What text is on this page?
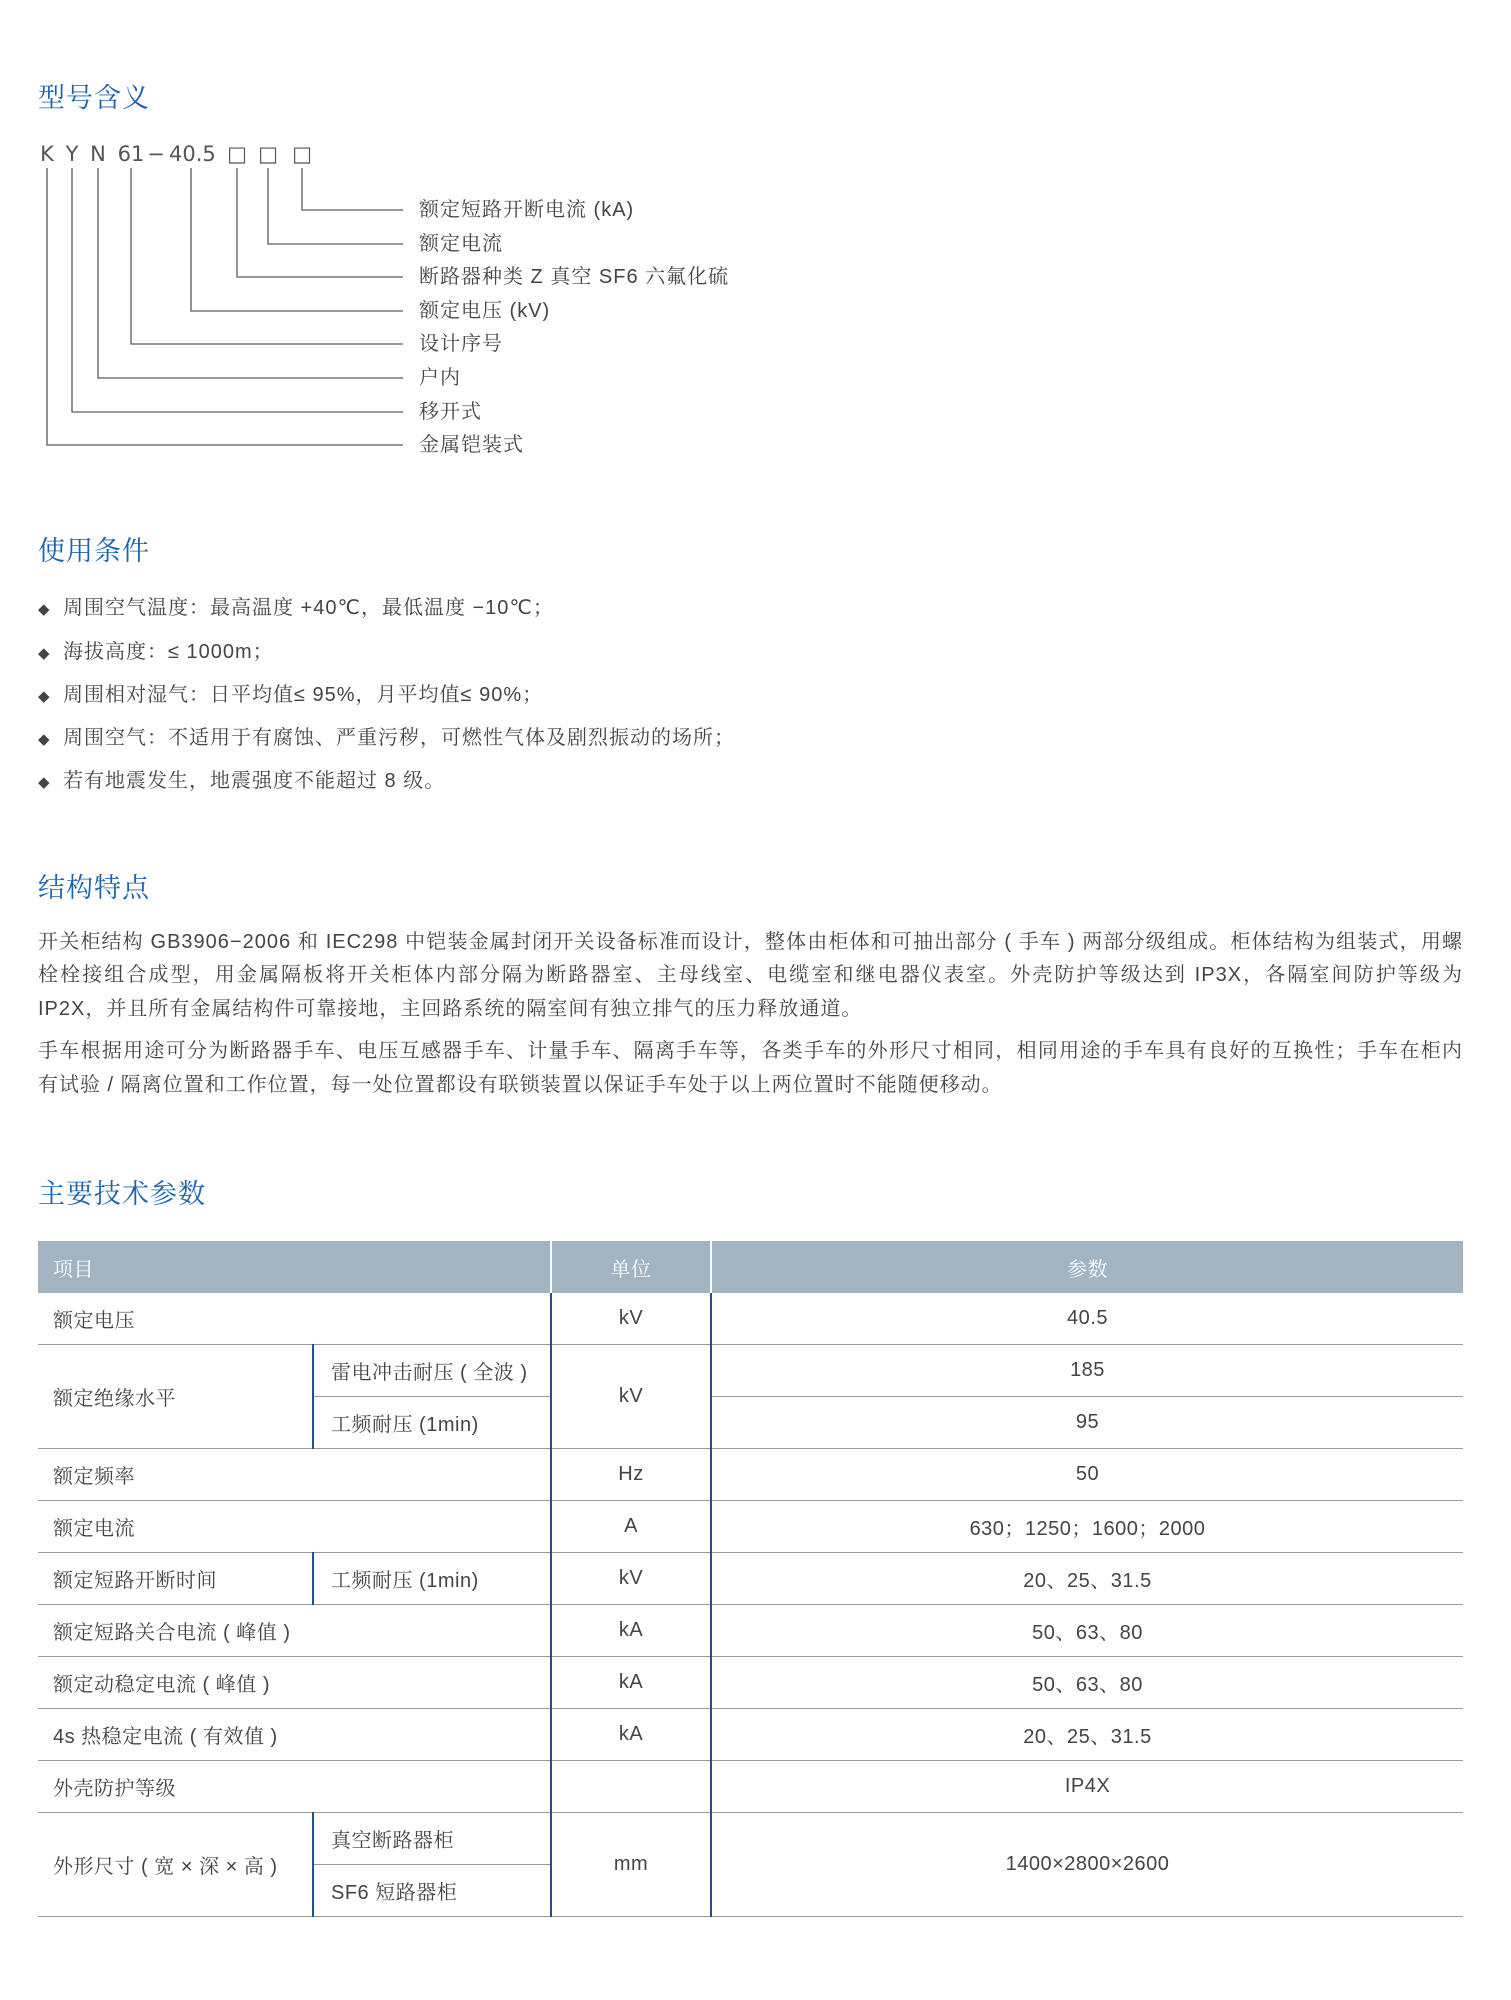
型号含义
K Y N 61 − 40.5 □ □ □
额定短路开断电流 (kA)
额定电流
断路器种类 Z 真空 SF6 六氟化硫
额定电压 (kV)
设计序号
户内
移开式
金属铠装式
使用条件
◆ 周围空气温度：最高温度 +40℃，最低温度 −10℃；
◆ 海拔高度：≤ 1000m；
◆ 周围相对湿气：日平均值≤ 95%，月平均值≤ 90%；
◆ 周围空气：不适用于有腐蚀、严重污秽，可燃性气体及剧烈振动的场所；
◆ 若有地震发生，地震强度不能超过 8 级。
结构特点

开关柜结构 GB3906−2006 和 IEC298 中铠装金属封闭开关设备标准而设计，整体由柜体和可抽出部分 ( 手车 ) 两部分级组成。柜体结构为组装式，用螺栓栓接组合成型，用金属隔板将开关柜体内部分隔为断路器室、主母线室、电缆室和继电器仪表室。外壳防护等级达到 IP3X，各隔室间防护等级为 IP2X，并且所有金属结构件可靠接地，主回路系统的隔室间有独立排气的压力释放通道。

手车根据用途可分为断路器手车、电压互感器手车、计量手车、隔离手车等，各类手车的外形尺寸相同，相同用途的手车具有良好的互换性；手车在柜内有试验 / 隔离位置和工作位置，每一处位置都设有联锁装置以保证手车处于以上两位置时不能随便移动。

主要技术参数
项目		单位	参数
额定电压		kV	40.5
额定绝缘水平	雷电冲击耐压 ( 全波 )	kV	185
	工频耐压 (1min)		95
额定频率		Hz	50
额定电流		A	630；1250；1600；2000
额定短路开断时间	工频耐压 (1min)	kV	20、25、31.5
额定短路关合电流 ( 峰值 )		kA	50、63、80
额定动稳定电流 ( 峰值 )		kA	50、63、80
4s 热稳定电流 ( 有效值 )		kA	20、25、31.5
外壳防护等级			IP4X
外形尺寸 ( 宽 × 深 × 高 )	真空断路器柜	mm	1400×2800×2600
	SF6 短路器柜		
